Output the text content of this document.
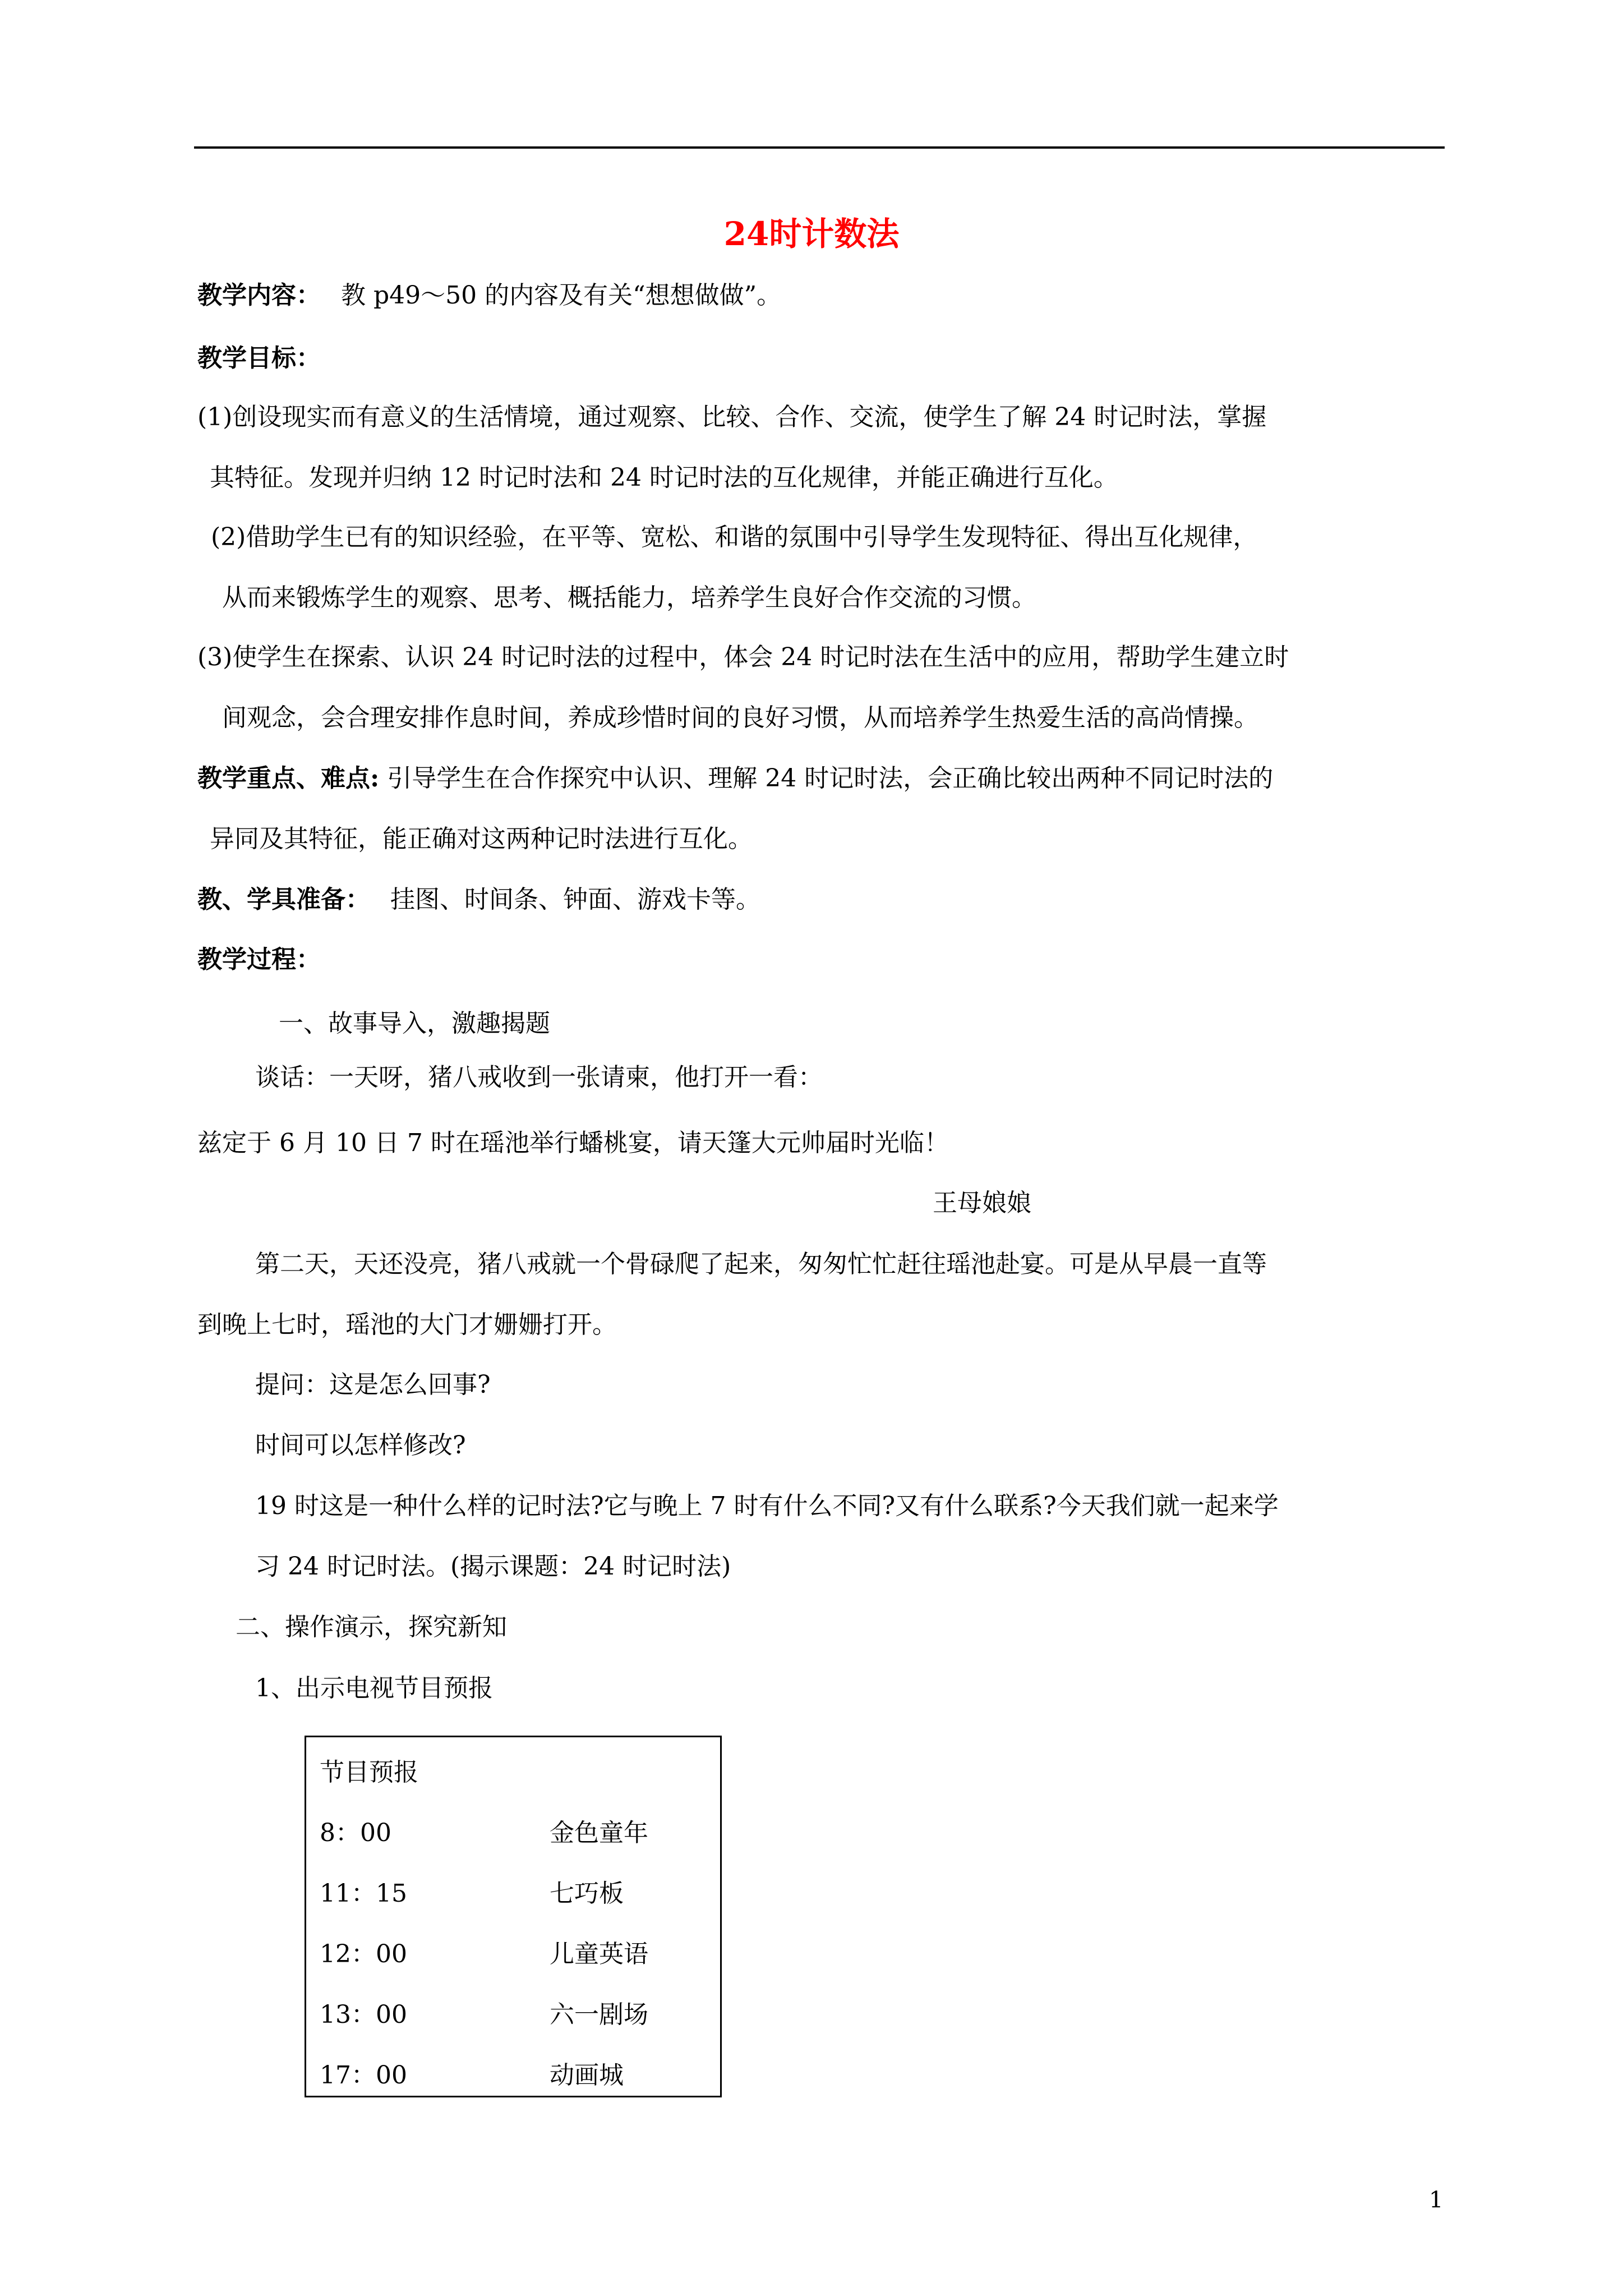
24时计数法
教学内容： 教 p49～50 的内容及有关“想想做做”。
教学目标：
(1)创设现实而有意义的生活情境，通过观察、比较、合作、交流，使学生了解 24 时记时法，掌握
其特征。发现并归纳 12 时记时法和 24 时记时法的互化规律，并能正确进行互化。
(2)借助学生已有的知识经验，在平等、宽松、和谐的氛围中引导学生发现特征、得出互化规律，
从而来锻炼学生的观察、思考、概括能力，培养学生良好合作交流的习惯。
(3)使学生在探索、认识 24 时记时法的过程中，体会 24 时记时法在生活中的应用，帮助学生建立时
间观念，会合理安排作息时间，养成珍惜时间的良好习惯，从而培养学生热爱生活的高尚情操。
教学重点、难点: 引导学生在合作探究中认识、理解 24 时记时法，会正确比较出两种不同记时法的
异同及其特征，能正确对这两种记时法进行互化。
教、学具准备： 挂图、时间条、钟面、游戏卡等。
教学过程：
一、故事导入，激趣揭题
谈话：一天呀，猪八戒收到一张请柬，他打开一看：
兹定于 6 月 10 日 7 时在瑶池举行蟠桃宴，请天篷大元帅届时光临！
王母娘娘
第二天，天还没亮，猪八戒就一个骨碌爬了起来，匆匆忙忙赶往瑶池赴宴。可是从早晨一直等
到晚上七时，瑶池的大门才姗姗打开。
提问：这是怎么回事?
时间可以怎样修改?
19 时这是一种什么样的记时法?它与晚上 7 时有什么不同?又有什么联系?今天我们就一起来学
习 24 时记时法。(揭示课题：24 时记时法)
二、操作演示，探究新知
1、出示电视节目预报
节目预报
8：00	金色童年
11：15	七巧板
12：00	儿童英语
13：00	六一剧场
17：00	动画城
1
